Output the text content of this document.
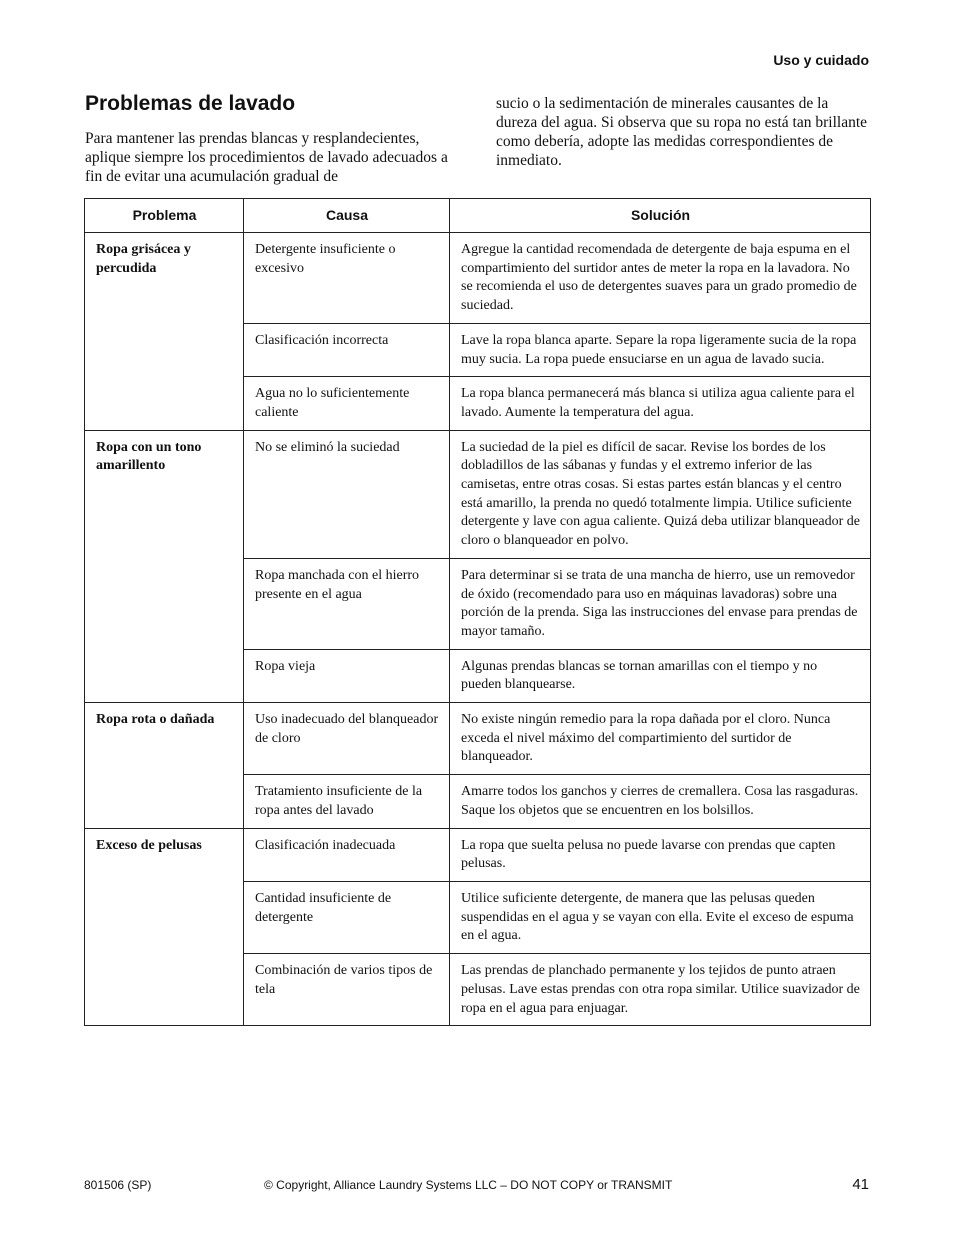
Uso y cuidado
Problemas de lavado

Para mantener las prendas blancas y resplandecientes, aplique siempre los procedimientos de lavado adecuados a fin de evitar una acumulación gradual de

sucio o la sedimentación de minerales causantes de la dureza del agua. Si observa que su ropa no está tan brillante como debería, adopte las medidas correspondientes de inmediato.

Problema	Causa	Solución
Ropa grisácea y percudida	Detergente insuficiente o excesivo	Agregue la cantidad recomendada de detergente de baja espuma en el compartimiento del surtidor antes de meter la ropa en la lavadora. No se recomienda el uso de detergentes suaves para un grado promedio de suciedad.
	Clasificación incorrecta	Lave la ropa blanca aparte. Separe la ropa ligeramente sucia de la ropa muy sucia. La ropa puede ensuciarse en un agua de lavado sucia.
	Agua no lo suficientemente caliente	La ropa blanca permanecerá más blanca si utiliza agua caliente para el lavado. Aumente la temperatura del agua.
Ropa con un tono amarillento	No se eliminó la suciedad	La suciedad de la piel es difícil de sacar. Revise los bordes de los dobladillos de las sábanas y fundas y el extremo inferior de las camisetas, entre otras cosas. Si estas partes están blancas y el centro está amarillo, la prenda no quedó totalmente limpia. Utilice suficiente detergente y lave con agua caliente. Quizá deba utilizar blanqueador de cloro o blanqueador en polvo.
	Ropa manchada con el hierro presente en el agua	Para determinar si se trata de una mancha de hierro, use un removedor de óxido (recomendado para uso en máquinas lavadoras) sobre una porción de la prenda. Siga las instrucciones del envase para prendas de mayor tamaño.
	Ropa vieja	Algunas prendas blancas se tornan amarillas con el tiempo y no pueden blanquearse.
Ropa rota o dañada	Uso inadecuado del blanqueador de cloro	No existe ningún remedio para la ropa dañada por el cloro. Nunca exceda el nivel máximo del compartimiento del surtidor de blanqueador.
	Tratamiento insuficiente de la ropa antes del lavado	Amarre todos los ganchos y cierres de cremallera. Cosa las rasgaduras. Saque los objetos que se encuentren en los bolsillos.
Exceso de pelusas	Clasificación inadecuada	La ropa que suelta pelusa no puede lavarse con prendas que capten pelusas.
	Cantidad insuficiente de detergente	Utilice suficiente detergente, de manera que las pelusas queden suspendidas en el agua y se vayan con ella. Evite el exceso de espuma en el agua.
	Combinación de varios tipos de tela	Las prendas de planchado permanente y los tejidos de punto atraen pelusas. Lave estas prendas con otra ropa similar. Utilice suavizador de ropa en el agua para enjuagar.
801506 (SP)	© Copyright, Alliance Laundry Systems LLC – DO NOT COPY or TRANSMIT	41
